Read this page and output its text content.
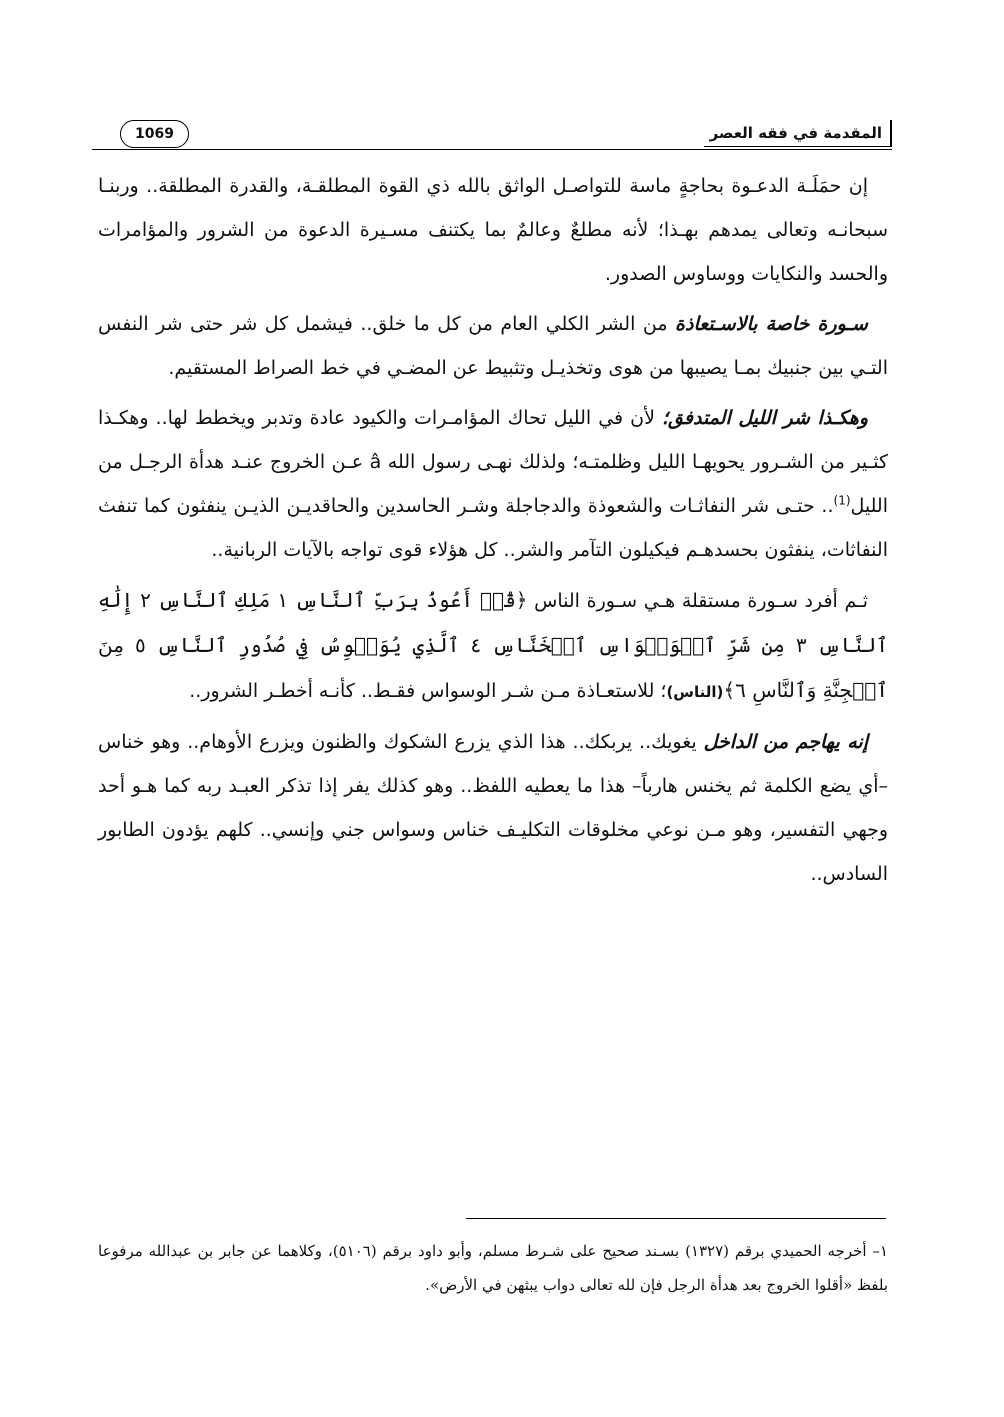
المقدمة في فقه العصر
1069

إن حمَلَـة الدعـوة بحاجةٍ ماسة للتواصـل الواثق بالله ذي القوة المطلقـة، والقدرة المطلقة.. وربنـا سبحانـه وتعالى يمدهم بهـذا؛ لأنه مطلعٌ وعالمٌ بما يكتنف مسـيرة الدعوة من الشرور والمؤامرات والحسد والنكايات ووساوس الصدور.

سـورة خاصة بالاسـتعاذة من الشر الكلي العام من كل ما خلق.. فيشمل كل شر حتى شر النفس التـي بين جنبيك بمـا يصيبها من هوى وتخذيـل وتثبيط عن المضـي في خط الصراط المستقيم.

وهكـذا شر الليل المتدفق؛ لأن في الليل تحاك المؤامـرات والكيود عادة وتدبر ويخطط لها.. وهكـذا كثـير من الشـرور يحويهـا الليل وظلمتـه؛ ولذلك نهـى رسول الله â عـن الخروج عنـد هدأة الرجـل من الليل$^{(1)}$.. حتـى شر النفاثـات والشعوذة والدجاجلة وشـر الحاسدين والحاقديـن الذيـن ينفثون كما تنفث النفاثات، ينفثون بحسدهـم فيكيلون التآمر والشر.. كل هؤلاء قوى تواجه بالآيات الربانية..

ثـم أفرد سـورة مستقلة هـي سـورة الناس ﴿قُلۡ أَعُوذُ بِرَبِّ ٱلنَّاسِ ١ مَلِكِ ٱلنَّاسِ ٢ إِلَٰهِ ٱلنَّاسِ ٣ مِن شَرِّ ٱلۡوَسۡوَاسِ ٱلۡخَنَّاسِ ٤ ٱلَّذِي يُوَسۡوِسُ فِي صُدُورِ ٱلنَّاسِ ٥ مِنَ ٱلۡجِنَّةِ وَٱلنَّاسِ ٦﴾(الناس)؛ للاستعـاذة مـن شـر الوسواس فقـط.. كأنـه أخطـر الشرور..

إنه يهاجم من الداخل يغويك.. يربكك.. هذا الذي يزرع الشكوك والظنون ويزرع الأوهام.. وهو خناس –أي يضع الكلمة ثم يخنس هارباً– هذا ما يعطيه اللفظ.. وهو كذلك يفر إذا تذكر العبـد ربه كما هـو أحد وجهي التفسير، وهو مـن نوعي مخلوقات التكليـف خناس وسواس جني وإنسي.. كلهم يؤدون الطابور السادس..

١– أخرجه الحميدي برقم (١٣٢٧) بسـند صحيح على شـرط مسلم، وأبو داود برقم (٥١٠٦)، وكلاهما عن جابر بن عبدالله مرفوعا بلفظ «أقلوا الخروج بعد هدأة الرجل فإن لله تعالى دواب يبثهن في الأرض».
